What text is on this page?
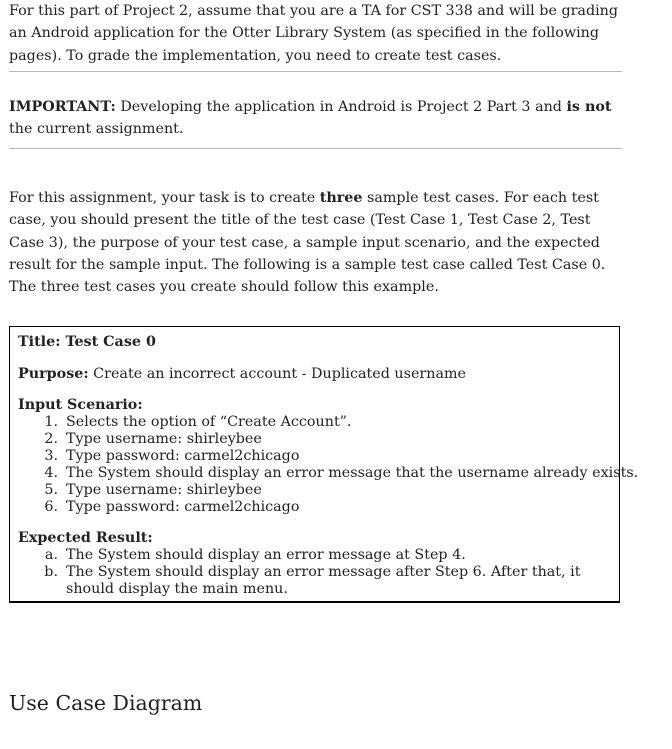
For this part of Project 2, assume that you are a TA for CST 338 and will be grading an Android application for the Otter Library System (as specified in the following pages). To grade the implementation, you need to create test cases.

IMPORTANT: Developing the application in Android is Project 2 Part 3 and is not the current assignment.

For this assignment, your task is to create three sample test cases. For each test case, you should present the title of the test case (Test Case 1, Test Case 2, Test Case 3), the purpose of your test case, a sample input scenario, and the expected result for the sample input. The following is a sample test case called Test Case 0. The three test cases you create should follow this example.

Title: Test Case 0

Purpose: Create an incorrect account - Duplicated username

Input Scenario:

1. Selects the option of “Create Account”.
2. Type username: shirleybee
3. Type password: carmel2chicago
4. The System should display an error message that the username already exists.
5. Type username: shirleybee
6. Type password: carmel2chicago

Expected Result:

a. The System should display an error message at Step 4.
b. The System should display an error message after Step 6. After that, it should display the main menu.
Use Case Diagram
